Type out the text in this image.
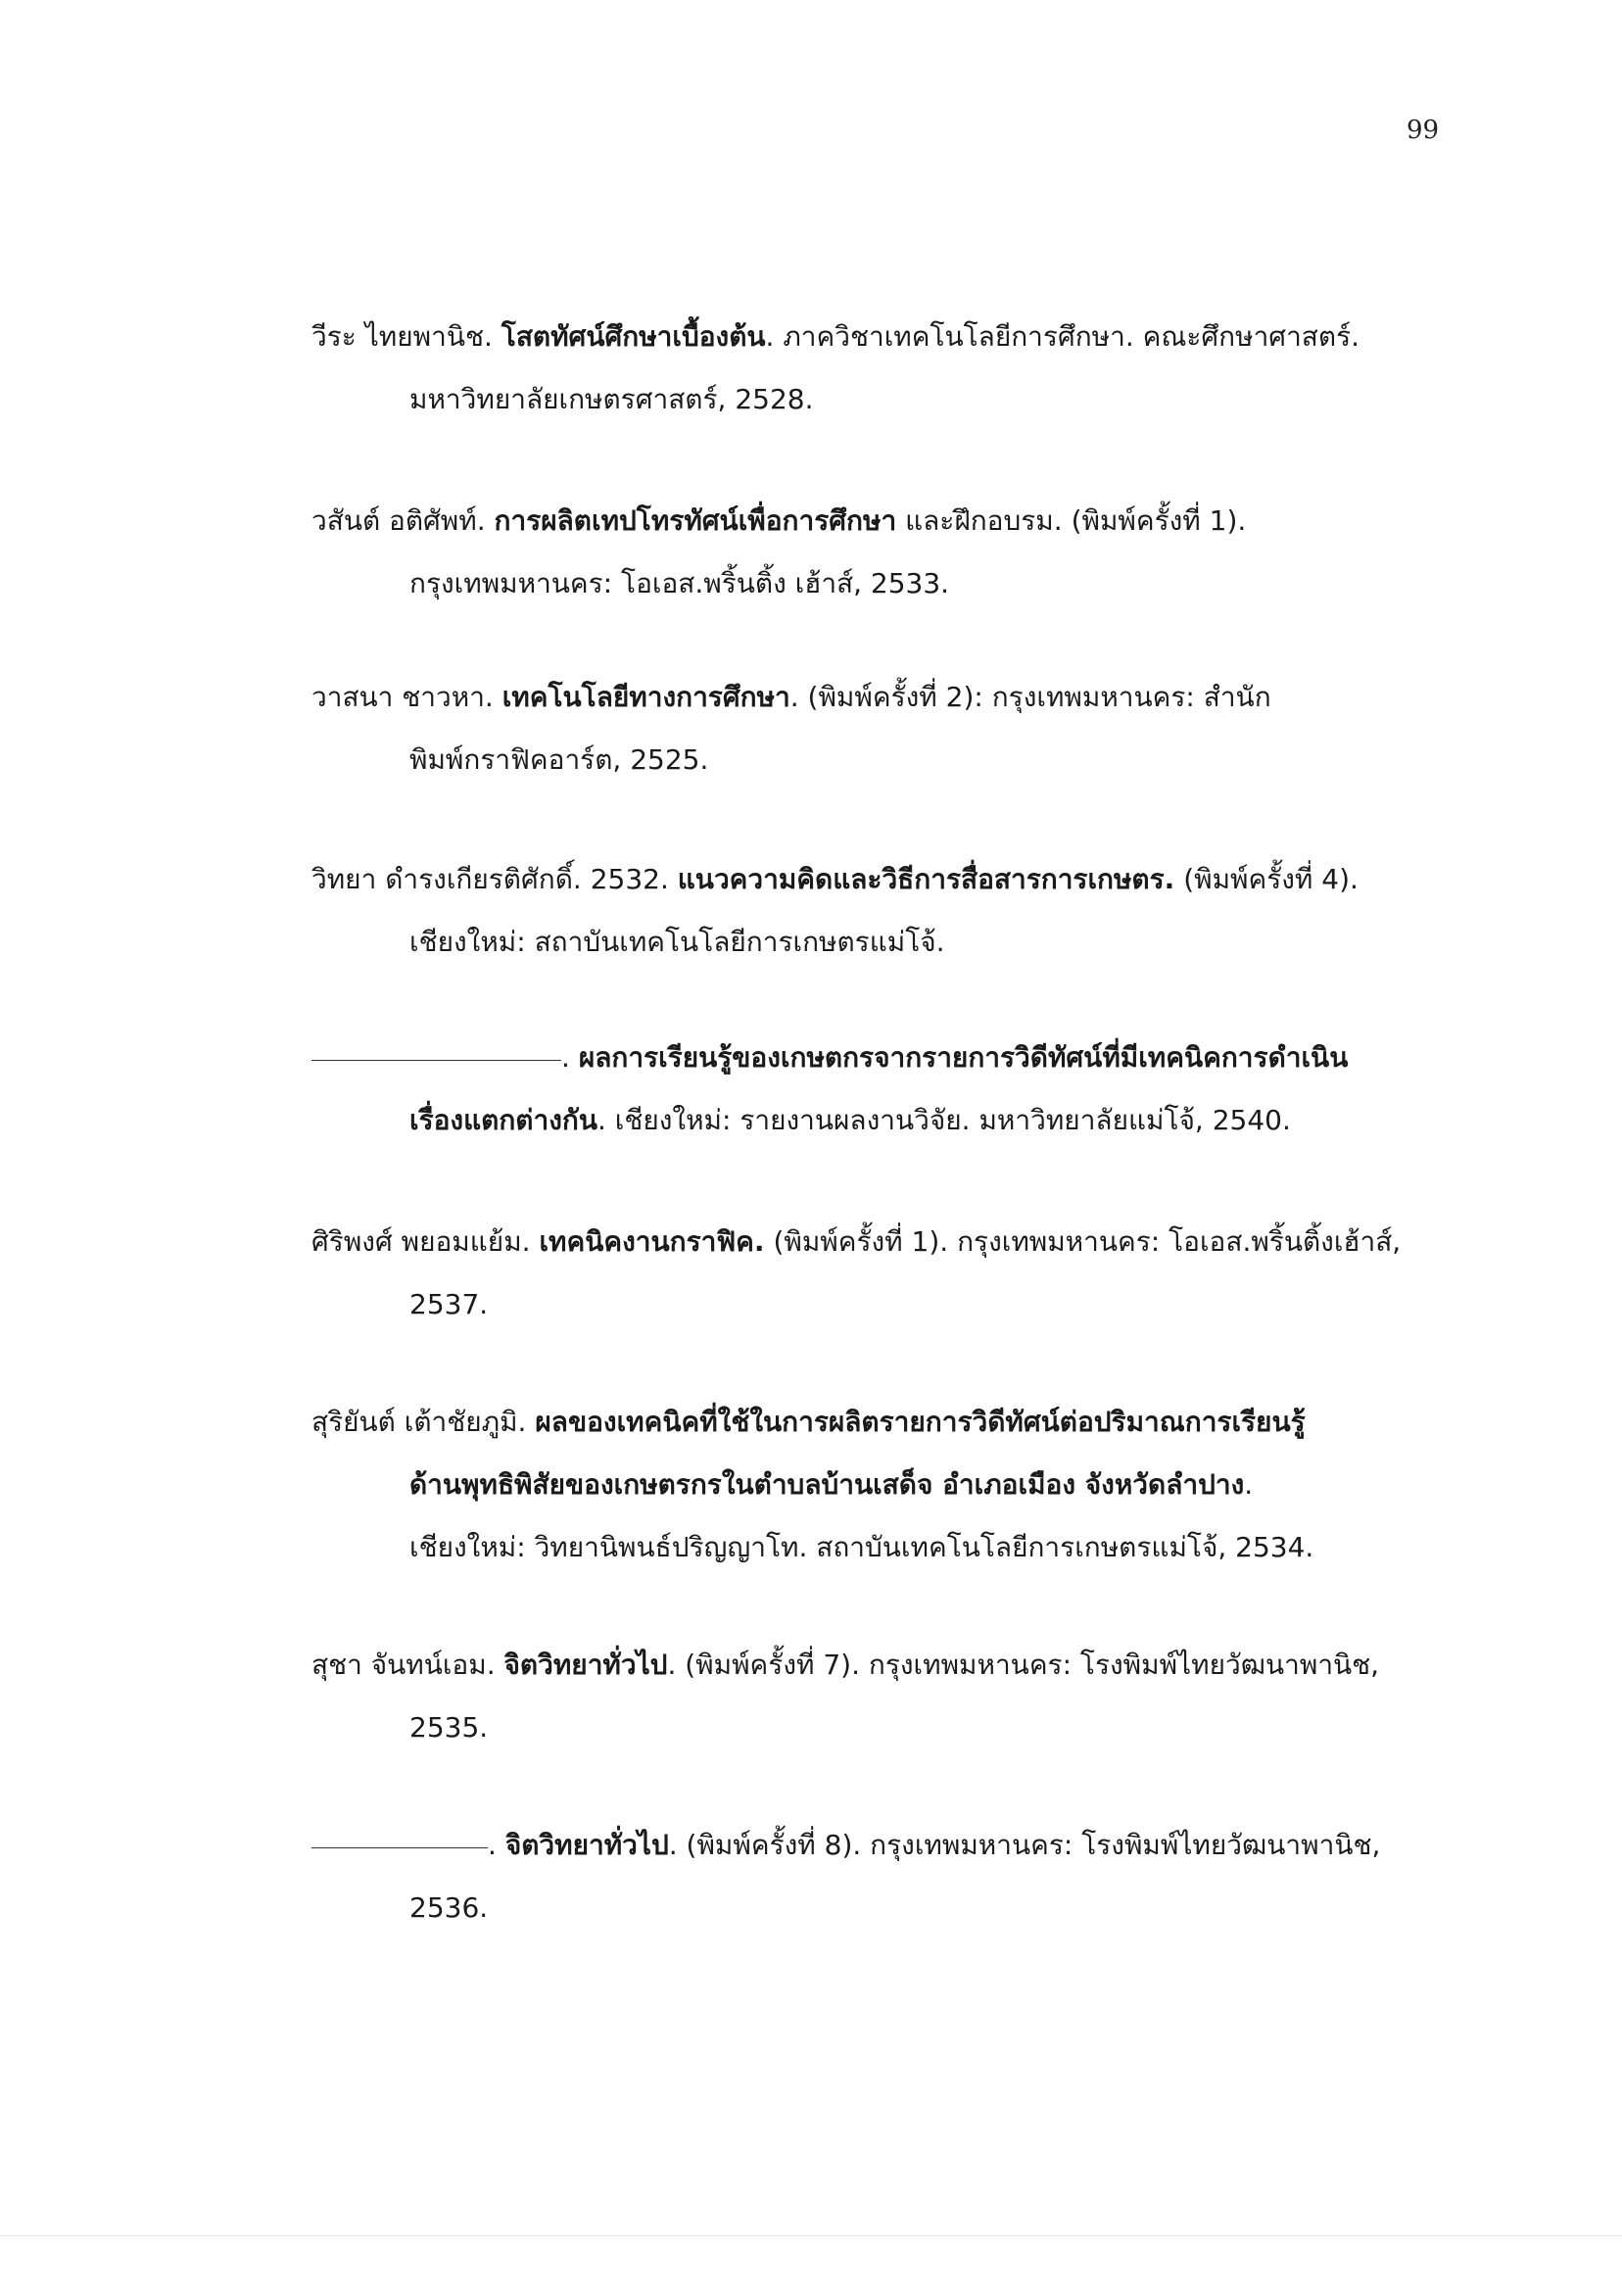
99
วีระ ไทยพานิช. โสตทัศน์ศึกษาเบื้องต้น. ภาควิชาเทคโนโลยีการศึกษา. คณะศึกษาศาสตร์.
มหาวิทยาลัยเกษตรศาสตร์, 2528.
วสันต์ อติศัพท์. การผลิตเทปโทรทัศน์เพื่อการศึกษา และฝึกอบรม. (พิมพ์ครั้งที่ 1).
กรุงเทพมหานคร: โอเอส.พริ้นติ้ง เฮ้าส์, 2533.
วาสนา ชาวหา. เทคโนโลยีทางการศึกษา. (พิมพ์ครั้งที่ 2): กรุงเทพมหานคร: สำนัก
พิมพ์กราฟิคอาร์ต, 2525.
วิทยา ดำรงเกียรติศักดิ์. 2532. แนวความคิดและวิธีการสื่อสารการเกษตร. (พิมพ์ครั้งที่ 4).
เชียงใหม่: สถาบันเทคโนโลยีการเกษตรแม่โจ้.
. ผลการเรียนรู้ของเกษตกรจากรายการวิดีทัศน์ที่มีเทคนิคการดำเนิน
เรื่องแตกต่างกัน. เชียงใหม่: รายงานผลงานวิจัย. มหาวิทยาลัยแม่โจ้, 2540.
ศิริพงศ์ พยอมแย้ม. เทคนิคงานกราฟิค. (พิมพ์ครั้งที่ 1). กรุงเทพมหานคร: โอเอส.พริ้นติ้งเฮ้าส์,
2537.
สุริยันต์ เต้าชัยภูมิ. ผลของเทคนิคที่ใช้ในการผลิตรายการวิดีทัศน์ต่อปริมาณการเรียนรู้
ด้านพุทธิพิสัยของเกษตรกรในตำบลบ้านเสด็จ อำเภอเมือง จังหวัดลำปาง.
เชียงใหม่: วิทยานิพนธ์ปริญญาโท. สถาบันเทคโนโลยีการเกษตรแม่โจ้, 2534.
สุชา จันทน์เอม. จิตวิทยาทั่วไป. (พิมพ์ครั้งที่ 7). กรุงเทพมหานคร: โรงพิมพ์ไทยวัฒนาพานิช,
2535.
. จิตวิทยาทั่วไป. (พิมพ์ครั้งที่ 8). กรุงเทพมหานคร: โรงพิมพ์ไทยวัฒนาพานิช,
2536.
